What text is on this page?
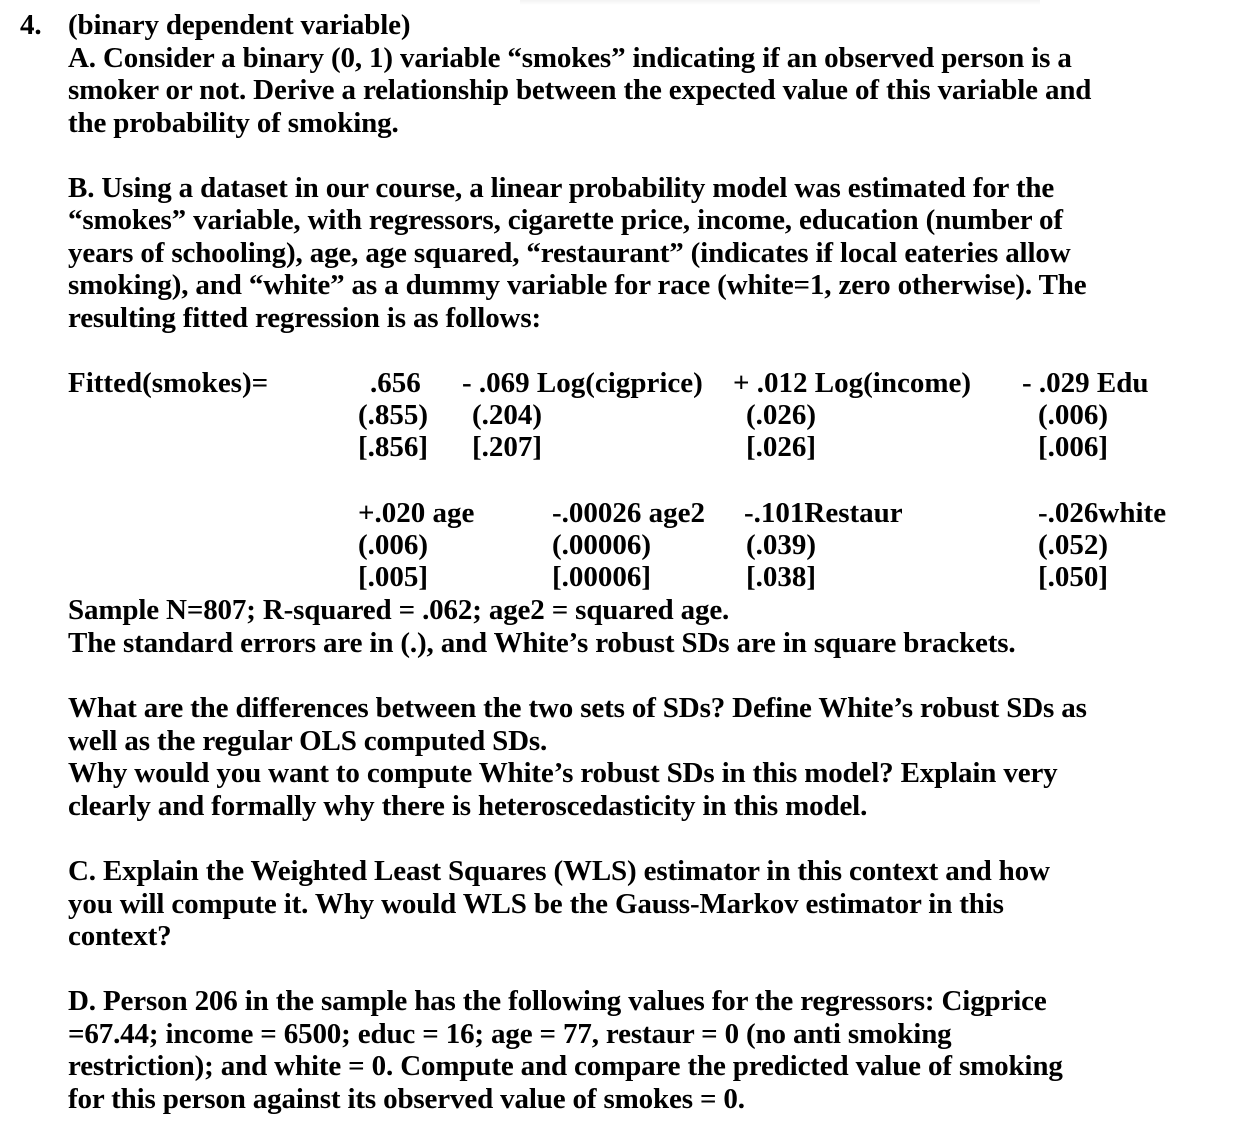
4. (binary dependent variable)
A. Consider a binary (0, 1) variable “smokes” indicating if an observed person is a
smoker or not. Derive a relationship between the expected value of this variable and
the probability of smoking.
B. Using a dataset in our course, a linear probability model was estimated for the
“smokes” variable, with regressors, cigarette price, income, education (number of
years of schooling), age, age squared, “restaurant” (indicates if local eateries allow
smoking), and “white” as a dummy variable for race (white=1, zero otherwise). The
resulting fitted regression is as follows:
Fitted(smokes)=	.656
(.855)
[.856]
- .069 Log(cigprice)
(.204)
[.207]
+ .012 Log(income)
(.026)
[.026]
- .029 Edu
(.006)
[.006]
+.020 age
(.006)
[.005]
-.00026 age2
(.00006)
[.00006]
-.101Restaur
(.039)
[.038]
-.026white
(.052)
[.050]
Sample N=807; R-squared = .062; age2 = squared age.
The standard errors are in (.), and White’s robust SDs are in square brackets.
What are the differences between the two sets of SDs? Define White’s robust SDs as
well as the regular OLS computed SDs.
Why would you want to compute White’s robust SDs in this model? Explain very
clearly and formally why there is heteroscedasticity in this model.
C. Explain the Weighted Least Squares (WLS) estimator in this context and how
you will compute it. Why would WLS be the Gauss-Markov estimator in this
context?
D. Person 206 in the sample has the following values for the regressors: Cigprice
=67.44; income = 6500; educ = 16; age = 77, restaur = 0 (no anti smoking
restriction); and white = 0. Compute and compare the predicted value of smoking
for this person against its observed value of smokes = 0.
